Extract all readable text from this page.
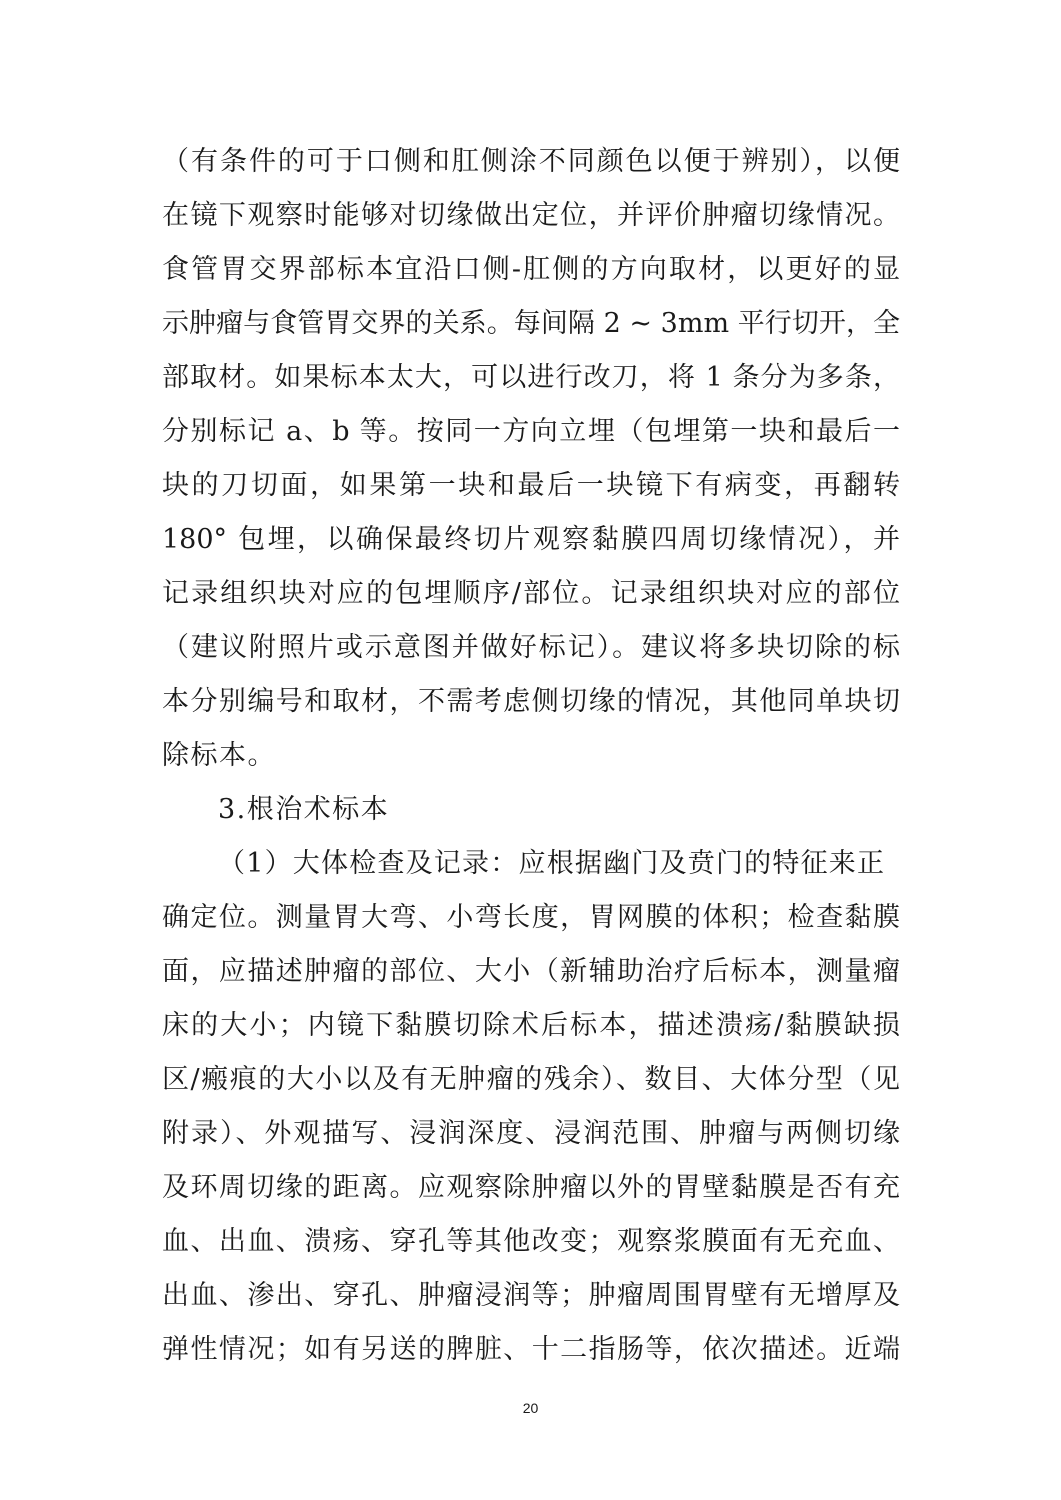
（有条件的可于口侧和肛侧涂不同颜色以便于辨别），以便
在镜下观察时能够对切缘做出定位，并评价肿瘤切缘情况。
食管胃交界部标本宜沿口侧-肛侧的方向取材，以更好的显
示肿瘤与食管胃交界的关系。每间隔 2 ~ 3mm 平行切开，全
部取材。如果标本太大，可以进行改刀，将 1 条分为多条，
分别标记 a、b 等。按同一方向立埋（包埋第一块和最后一
块的刀切面，如果第一块和最后一块镜下有病变，再翻转
180° 包埋，以确保最终切片观察黏膜四周切缘情况），并
记录组织块对应的包埋顺序/部位。记录组织块对应的部位
（建议附照片或示意图并做好标记）。建议将多块切除的标
本分别编号和取材，不需考虑侧切缘的情况，其他同单块切
除标本。
3.根治术标本
（1）大体检查及记录：应根据幽门及贲门的特征来正
确定位。测量胃大弯、小弯长度，胃网膜的体积；检查黏膜
面，应描述肿瘤的部位、大小（新辅助治疗后标本，测量瘤
床的大小；内镜下黏膜切除术后标本，描述溃疡/黏膜缺损
区/瘢痕的大小以及有无肿瘤的残余）、数目、大体分型（见
附录）、外观描写、浸润深度、浸润范围、肿瘤与两侧切缘
及环周切缘的距离。应观察除肿瘤以外的胃壁黏膜是否有充
血、出血、溃疡、穿孔等其他改变；观察浆膜面有无充血、
出血、渗出、穿孔、肿瘤浸润等；肿瘤周围胃壁有无增厚及
弹性情况；如有另送的脾脏、十二指肠等，依次描述。近端
20
